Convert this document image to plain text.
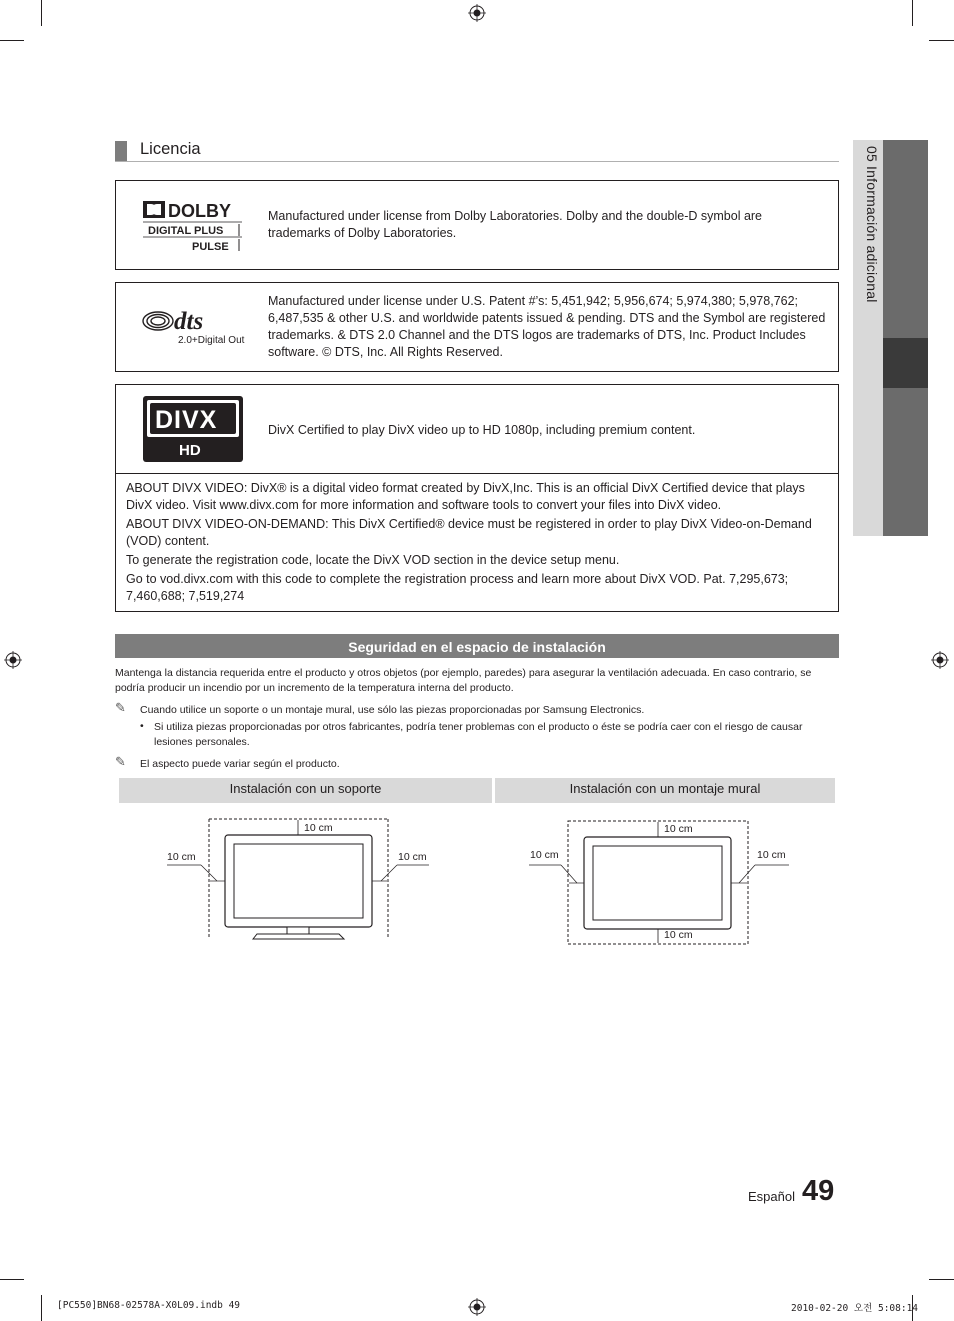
05 Información adicional
Licencia
DOLBY
DIGITAL PLUS
PULSE
Manufactured under license from Dolby Laboratories. Dolby and the double-D symbol are trademarks of Dolby Laboratories.
dts
2.0+Digital Out
Manufactured under license under U.S. Patent #’s: 5,451,942; 5,956,674; 5,974,380; 5,978,762; 6,487,535 & other U.S. and worldwide patents issued & pending. DTS and the Symbol are registered trademarks. & DTS 2.0 Channel and the DTS logos are trademarks of DTS, Inc. Product Includes software. © DTS, Inc. All Rights Reserved.
DIVX
HD
DivX Certified to play DivX video up to HD 1080p, including premium content.

ABOUT DIVX VIDEO: DivX® is a digital video format created by DivX,Inc. This is an official DivX Certified device that plays DivX video. Visit www.divx.com for more information and software tools to convert your files into DivX video.

ABOUT DIVX VIDEO-ON-DEMAND: This DivX Certified® device must be registered in order to play DivX Video-on-Demand (VOD) content.

To generate the registration code, locate the DivX VOD section in the device setup menu.

Go to vod.divx.com with this code to complete the registration process and learn more about DivX VOD. Pat. 7,295,673; 7,460,688; 7,519,274

Seguridad en el espacio de instalación
Mantenga la distancia requerida entre el producto y otros objetos (por ejemplo, paredes) para asegurar la ventilación adecuada. En caso contrario, se podría producir un incendio por un incremento de la temperatura interna del producto.
✎ Cuando utilice un soporte o un montaje mural, use sólo las piezas proporcionadas por Samsung Electronics.
• Si utiliza piezas proporcionadas por otros fabricantes, podría tener problemas con el producto o éste se podría caer con el riesgo de causar lesiones personales.
✎ El aspecto puede variar según el producto.
Instalación con un soporte	Instalación con un montaje mural
10 cm
10 cm	10 cm
10 cm
10 cm	10 cm
10 cm
Español 49
[PC550]BN68-02578A-X0L09.indb 49	2010-02-20 오전 5:08:14
